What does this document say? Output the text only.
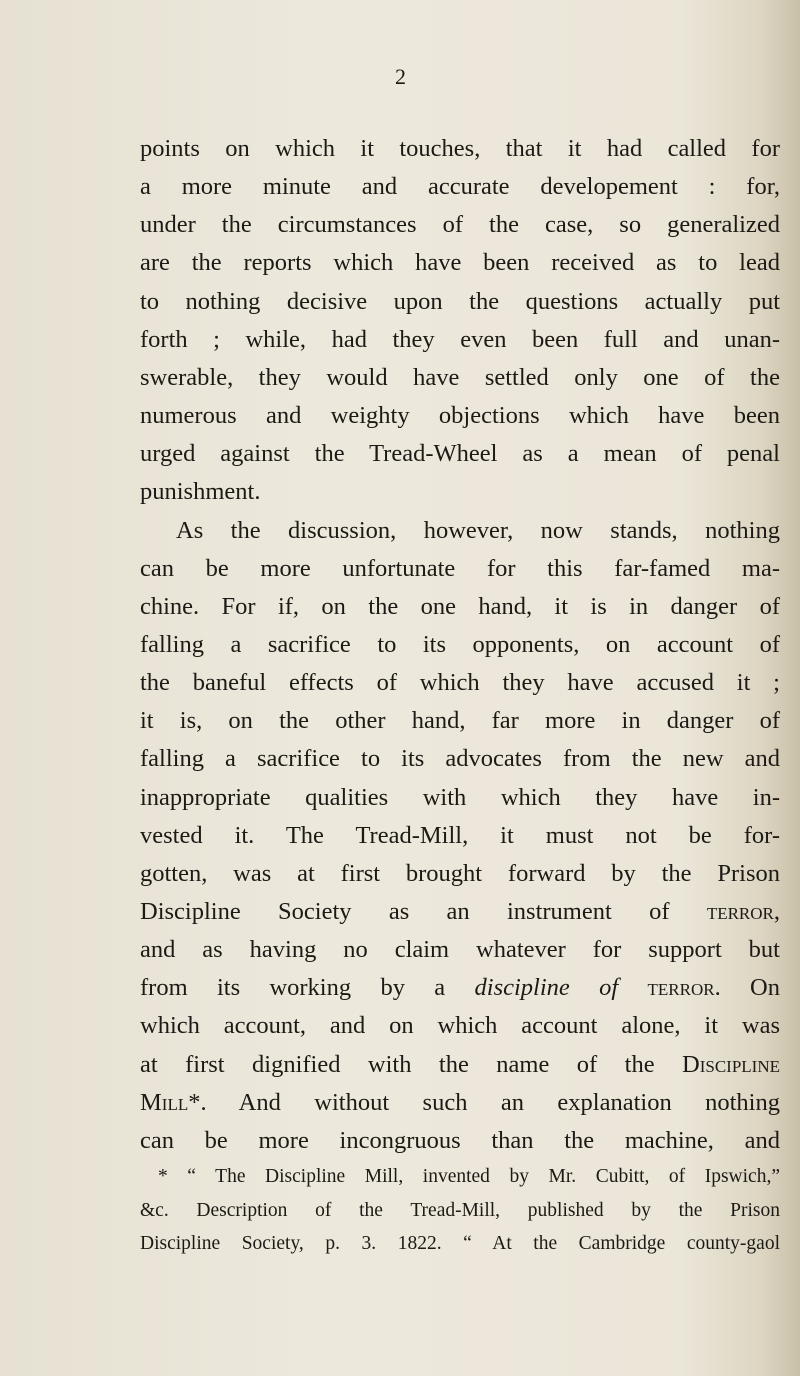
2
points on which it touches, that it had called for
a more minute and accurate developement : for,
under the circumstances of the case, so generalized
are the reports which have been received as to lead
to nothing decisive upon the questions actually put
forth ; while, had they even been full and unan-
swerable, they would have settled only one of the
numerous and weighty objections which have been
urged against the Tread-Wheel as a mean of penal
punishment.
As the discussion, however, now stands, nothing
can be more unfortunate for this far-famed ma-
chine. For if, on the one hand, it is in danger of
falling a sacrifice to its opponents, on account of
the baneful effects of which they have accused it ;
it is, on the other hand, far more in danger of
falling a sacrifice to its advocates from the new and
inappropriate qualities with which they have in-
vested it. The Tread-Mill, it must not be for-
gotten, was at first brought forward by the Prison
Discipline Society as an instrument of terror,
and as having no claim whatever for support but
from its working by a discipline of terror. On
which account, and on which account alone, it was
at first dignified with the name of the Discipline
Mill*. And without such an explanation nothing
can be more incongruous than the machine, and
* “ The Discipline Mill, invented by Mr. Cubitt, of Ipswich,”
&c. Description of the Tread-Mill, published by the Prison
Discipline Society, p. 3. 1822. “ At the Cambridge county-gaol
